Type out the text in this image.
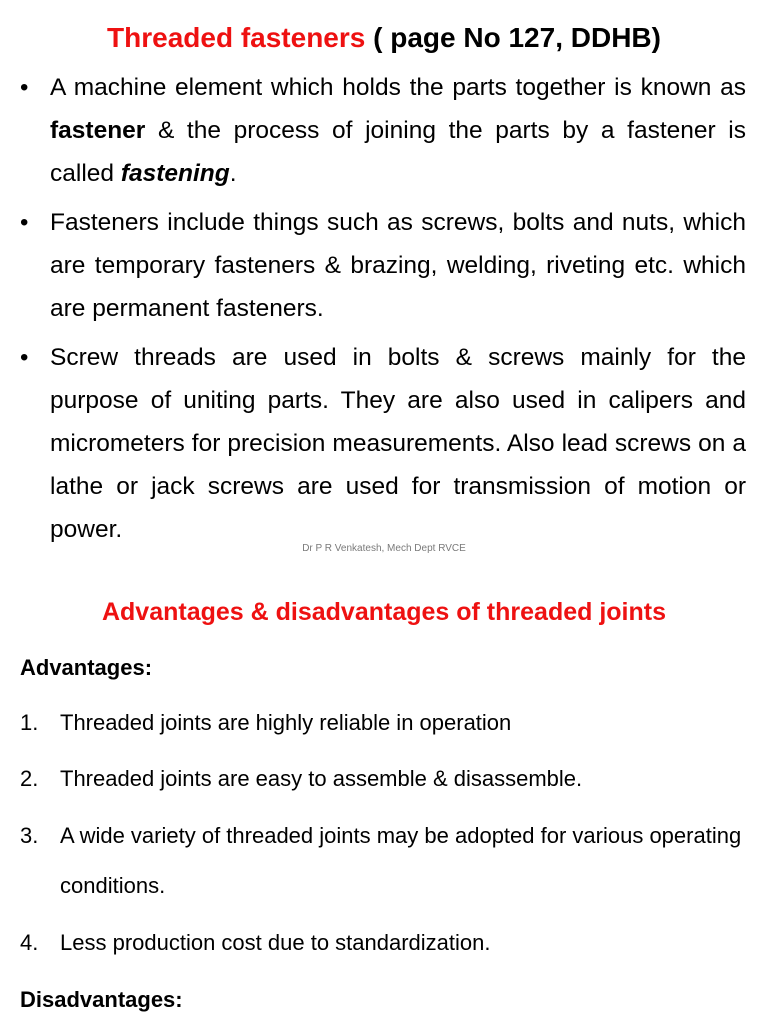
Threaded fasteners ( page No 127, DDHB)
• A machine element which holds the parts together is known as fastener & the process of joining the parts by a fastener is called fastening.
• Fasteners include things such as screws, bolts and nuts, which are temporary fasteners & brazing, welding, riveting etc. which are permanent fasteners.
• Screw threads are used in bolts & screws mainly for the purpose of uniting parts. They are also used in calipers and micrometers for precision measurements. Also lead screws on a lathe or jack screws are used for transmission of motion or power.
Dr P R Venkatesh, Mech Dept RVCE
Advantages & disadvantages of threaded joints
Advantages:
1. Threaded joints are highly reliable in operation
2. Threaded joints are easy to assemble & disassemble.
3. A wide variety of threaded joints may be adopted for various operating conditions.
4. Less production cost due to standardization.
Disadvantages:
